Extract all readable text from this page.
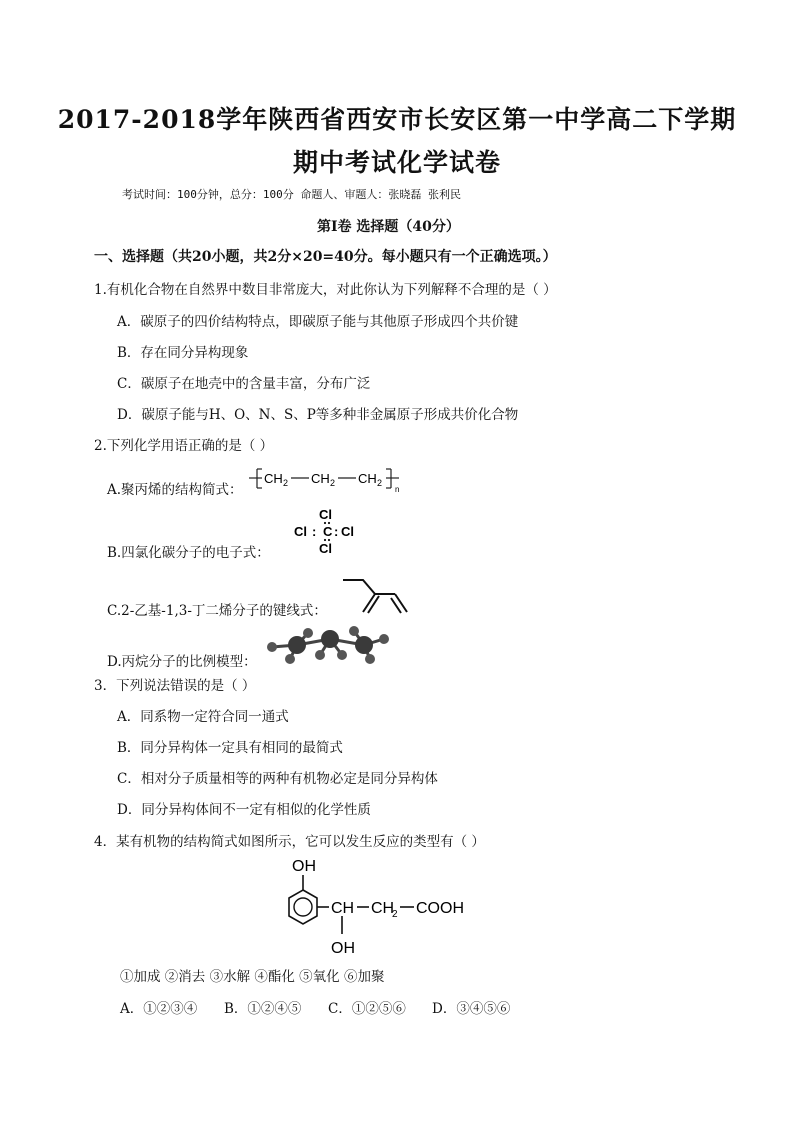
2017-2018学年陕西省西安市长安区第一中学高二下学期
期中考试化学试卷
考试时间：100分钟，总分：100分 命题人、审题人：张晓磊 张利民
第Ⅰ卷 选择题（40分）
一、选择题（共20小题，共2分×20=40分。每小题只有一个正确选项。）
1.有机化合物在自然界中数目非常庞大，对此你认为下列解释不合理的是（ ）
A．碳原子的四价结构特点，即碳原子能与其他原子形成四个共价键
B．存在同分异构现象
C．碳原子在地壳中的含量丰富，分布广泛
D．碳原子能与H、O、N、S、P等多种非金属原子形成共价化合物
2.下列化学用语正确的是（ ）
A.聚丙烯的结构简式：
CH 2 CH 2 CH 2
n
B.四氯化碳分子的电子式：
Cl
Cl : C : Cl
Cl
C.2-乙基-1,3-丁二烯分子的键线式：
D.丙烷分子的比例模型：
3．下列说法错误的是（ ）
A．同系物一定符合同一通式
B．同分异构体一定具有相同的最简式
C．相对分子质量相等的两种有机物必定是同分异构体
D．同分异构体间不一定有相似的化学性质
4．某有机物的结构简式如图所示，它可以发生反应的类型有（ ）
OH
CH
OH
CH
2 COOH
①加成 ②消去 ③水解 ④酯化 ⑤氧化 ⑥加聚
A．①②③④ B．①②④⑤ C．①②⑤⑥ D．③④⑤⑥
